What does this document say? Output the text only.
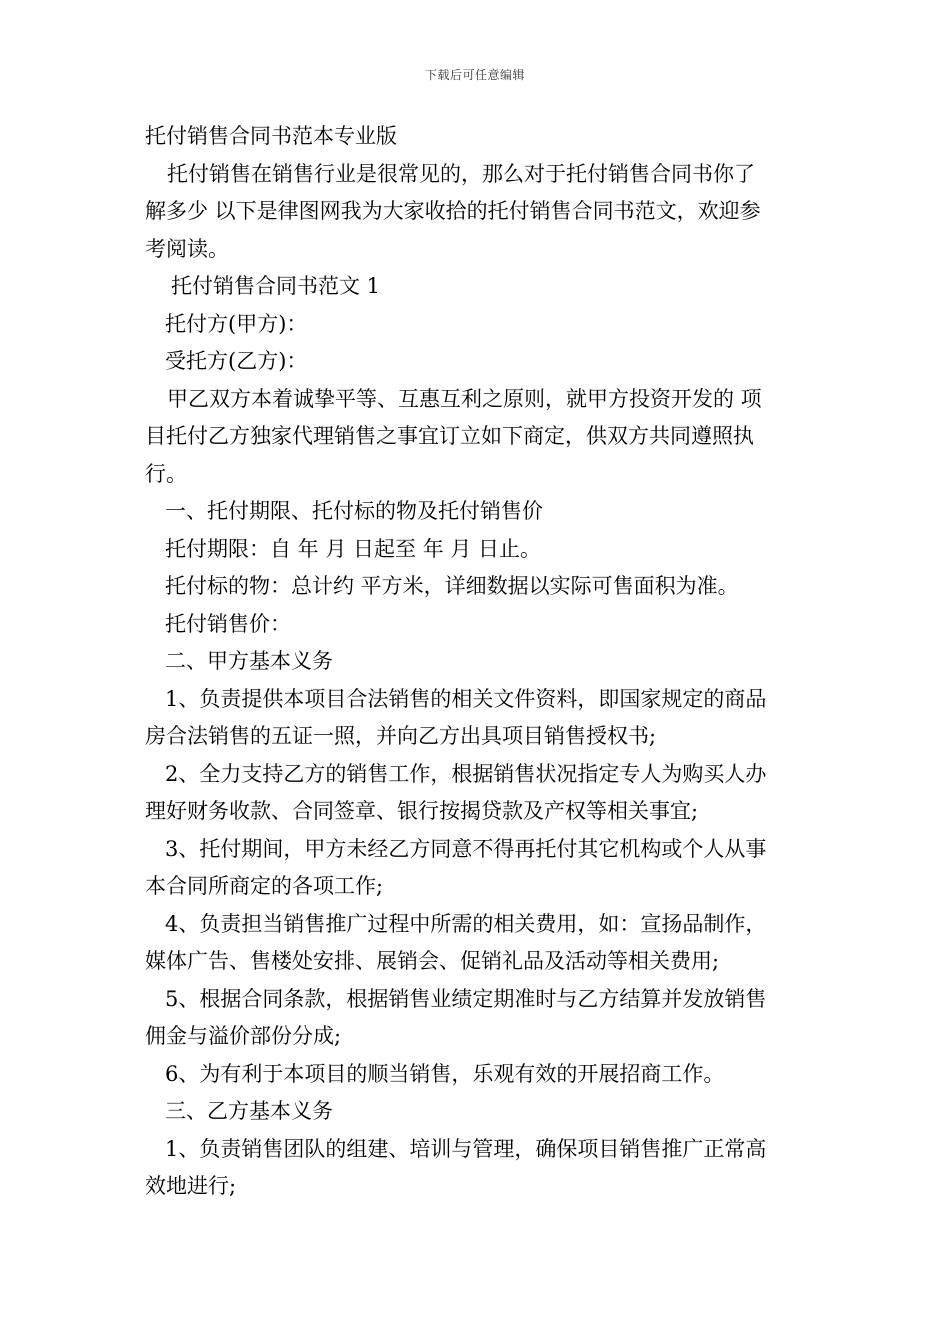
下载后可任意编辑
托付销售合同书范本专业版
托付销售在销售行业是很常见的，那么对于托付销售合同书你了
解多少 以下是律图网我为大家收拾的托付销售合同书范文，欢迎参
考阅读。
托付销售合同书范文 1
托付方(甲方)：
受托方(乙方)：
甲乙双方本着诚挚平等、互惠互利之原则，就甲方投资开发的 项
目托付乙方独家代理销售之事宜订立如下商定，供双方共同遵照执
行。
一、托付期限、托付标的物及托付销售价
托付期限：自 年 月 日起至 年 月 日止。
托付标的物：总计约 平方米，详细数据以实际可售面积为准。
托付销售价：
二、甲方基本义务
1、负责提供本项目合法销售的相关文件资料，即国家规定的商品
房合法销售的五证一照，并向乙方出具项目销售授权书;
2、全力支持乙方的销售工作，根据销售状况指定专人为购买人办
理好财务收款、合同签章、银行按揭贷款及产权等相关事宜;
3、托付期间，甲方未经乙方同意不得再托付其它机构或个人从事
本合同所商定的各项工作;
4、负责担当销售推广过程中所需的相关费用，如：宣扬品制作，
媒体广告、售楼处安排、展销会、促销礼品及活动等相关费用;
5、根据合同条款，根据销售业绩定期准时与乙方结算并发放销售
佣金与溢价部份分成;
6、为有利于本项目的顺当销售，乐观有效的开展招商工作。
三、乙方基本义务
1、负责销售团队的组建、培训与管理，确保项目销售推广正常高
效地进行;
